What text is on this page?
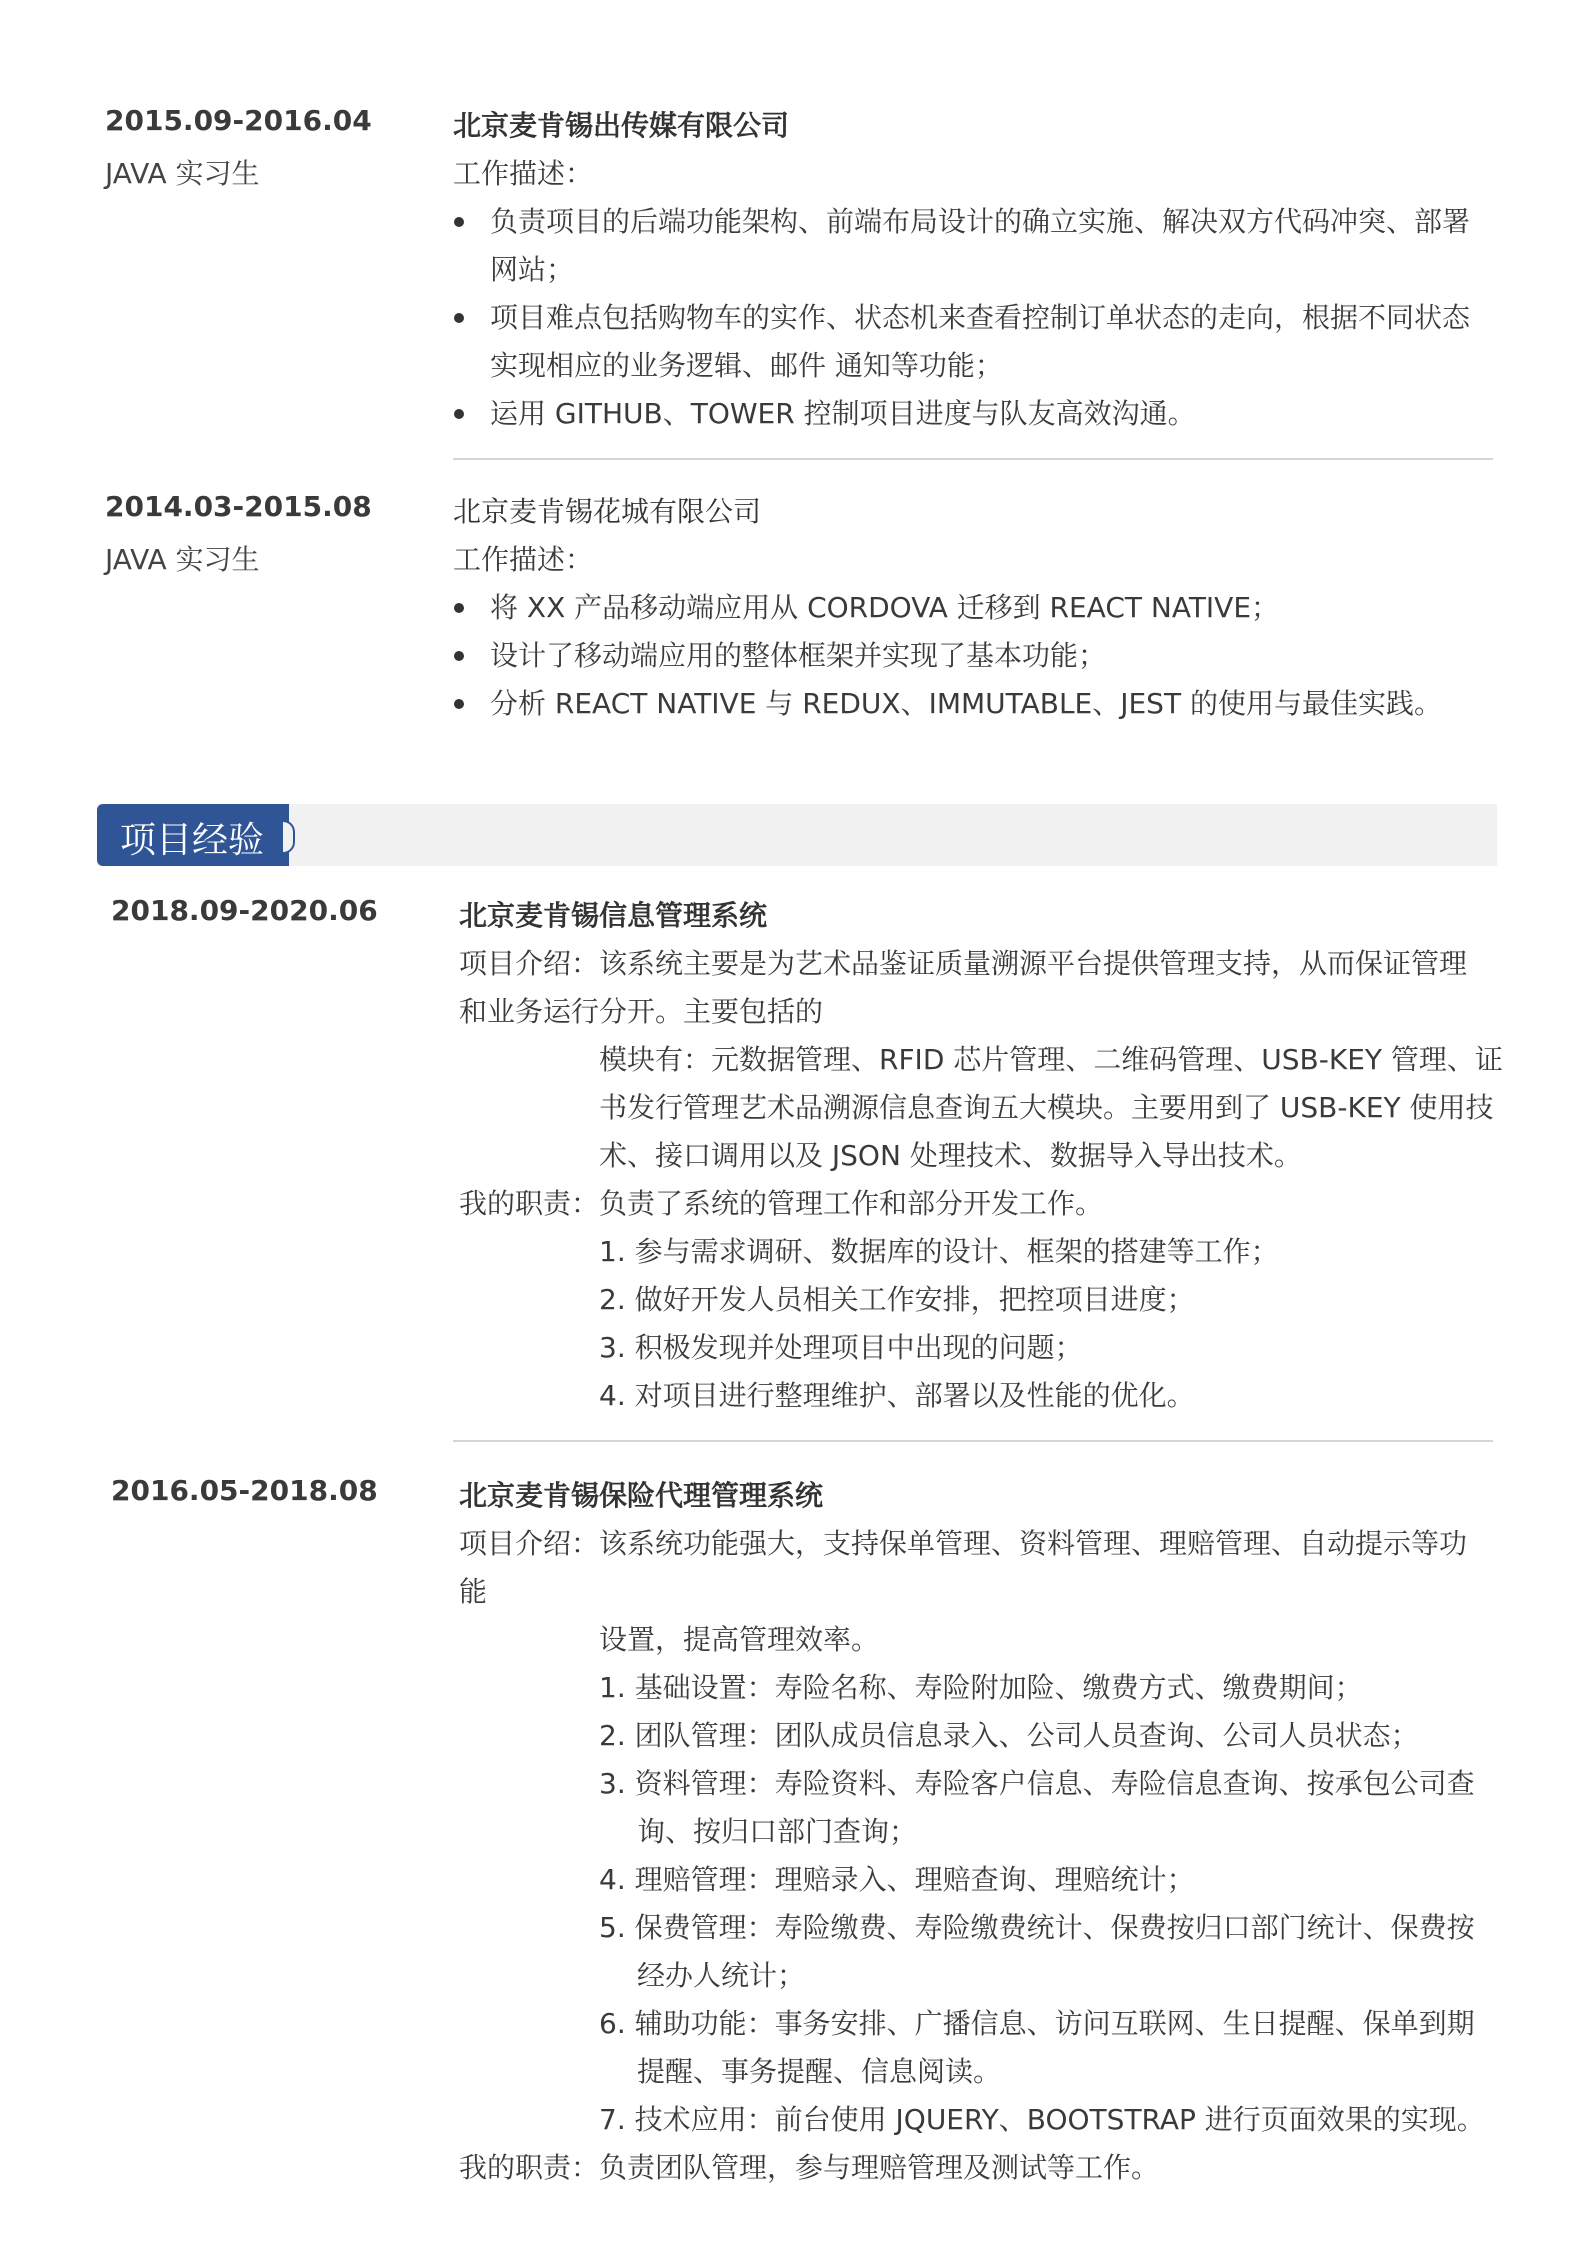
2015.09-2016.04
JAVA 实习生
北京麦肯锡出传媒有限公司
工作描述：
负责项目的后端功能架构、前端布局设计的确立实施、解决双方代码冲突、部署
网站；
项目难点包括购物车的实作、状态机来查看控制订单状态的走向，根据不同状态
实现相应的业务逻辑、邮件 通知等功能；
运用 GITHUB、TOWER 控制项目进度与队友高效沟通。
2014.03-2015.08
JAVA 实习生
北京麦肯锡花城有限公司
工作描述：
将 XX 产品移动端应用从 CORDOVA 迁移到 REACT NATIVE；
设计了移动端应用的整体框架并实现了基本功能；
分析 REACT NATIVE 与 REDUX、IMMUTABLE、JEST 的使用与最佳实践。
项目经验
2018.09-2020.06	北京麦肯锡信息管理系统
项目介绍：该系统主要是为艺术品鉴证质量溯源平台提供管理支持，从而保证管理
和业务运行分开。主要包括的
模块有：元数据管理、RFID 芯片管理、二维码管理、USB-KEY 管理、证
书发行管理艺术品溯源信息查询五大模块。主要用到了 USB-KEY 使用技
术、接口调用以及 JSON 处理技术、数据导入导出技术。
我的职责：负责了系统的管理工作和部分开发工作。
1. 参与需求调研、数据库的设计、框架的搭建等工作；
2. 做好开发人员相关工作安排，把控项目进度；
3. 积极发现并处理项目中出现的问题；
4. 对项目进行整理维护、部署以及性能的优化。
2016.05-2018.08	北京麦肯锡保险代理管理系统
项目介绍：该系统功能强大，支持保单管理、资料管理、理赔管理、自动提示等功
能
设置，提高管理效率。
1. 基础设置：寿险名称、寿险附加险、缴费方式、缴费期间；
2. 团队管理：团队成员信息录入、公司人员查询、公司人员状态；
3. 资料管理：寿险资料、寿险客户信息、寿险信息查询、按承包公司查
询、按归口部门查询；
4. 理赔管理：理赔录入、理赔查询、理赔统计；
5. 保费管理：寿险缴费、寿险缴费统计、保费按归口部门统计、保费按
经办人统计；
6. 辅助功能：事务安排、广播信息、访问互联网、生日提醒、保单到期
提醒、事务提醒、信息阅读。
7. 技术应用：前台使用 JQUERY、BOOTSTRAP 进行页面效果的实现。
我的职责：负责团队管理，参与理赔管理及测试等工作。
